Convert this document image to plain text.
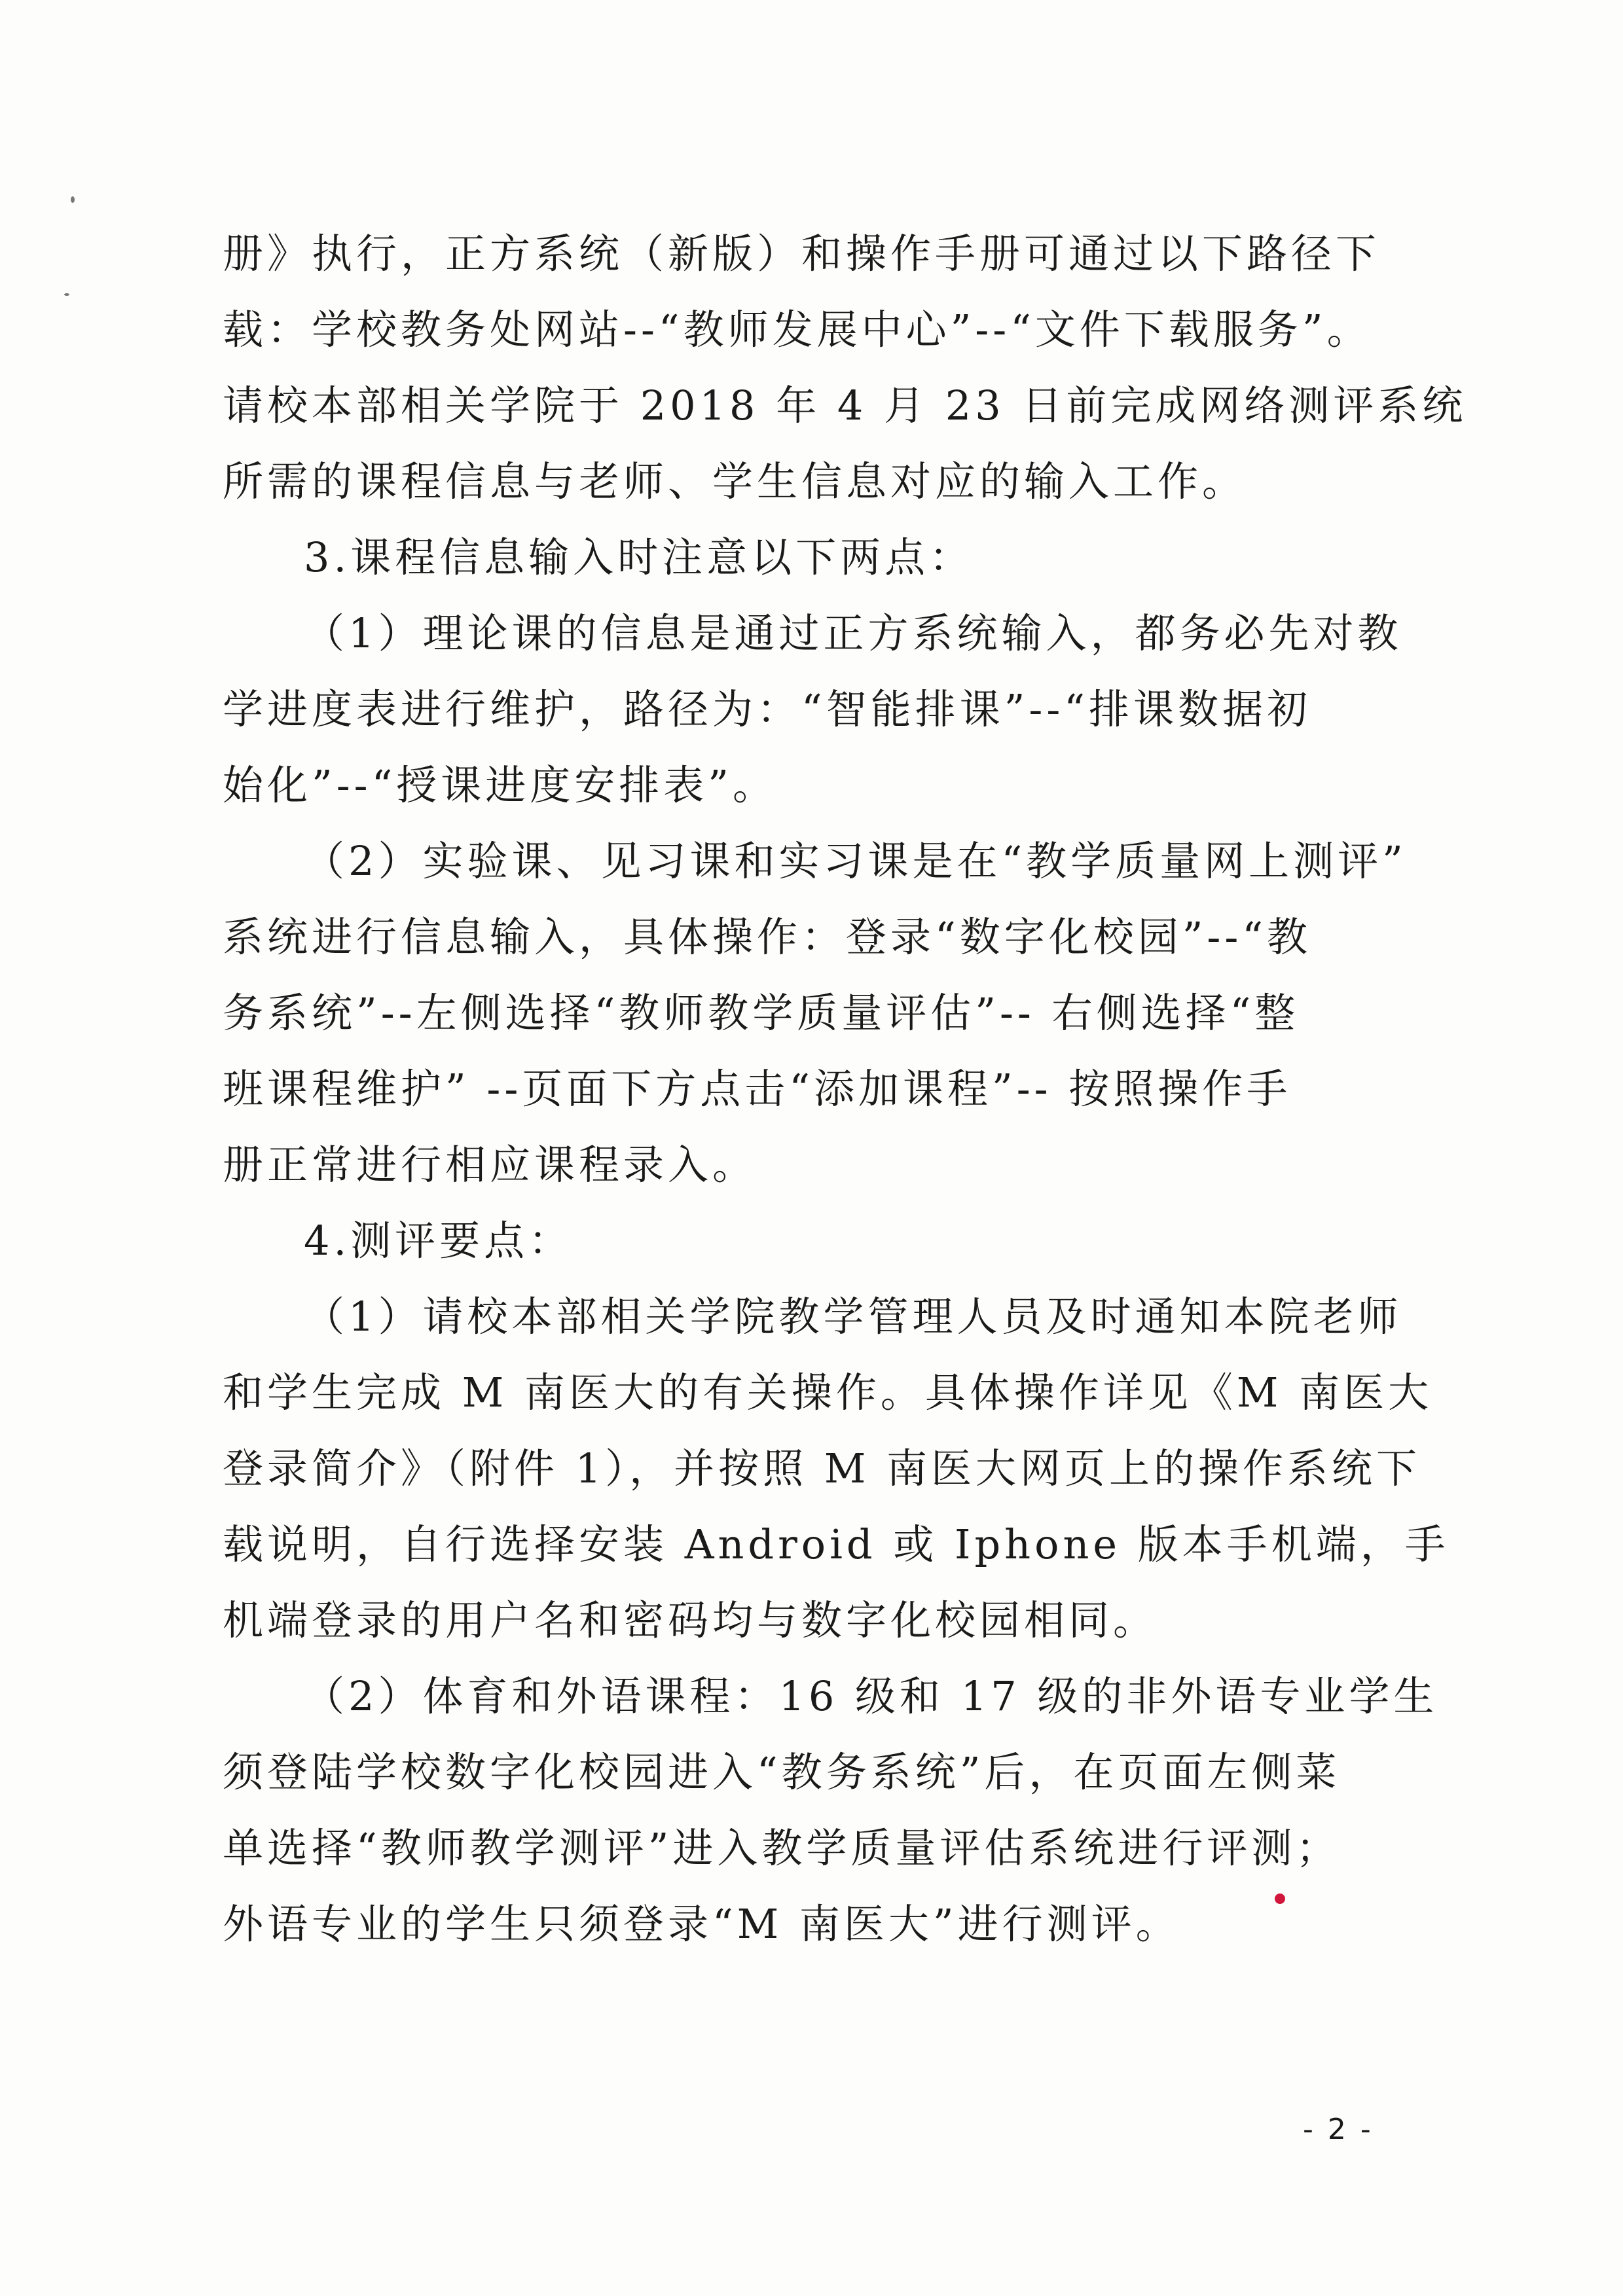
册》执行，正方系统（新版）和操作手册可通过以下路径下
载：学校教务处网站--“教师发展中心”--“文件下载服务”。
请校本部相关学院于 2018 年 4 月 23 日前完成网络测评系统
所需的课程信息与老师、学生信息对应的输入工作。
3.课程信息输入时注意以下两点：
（1）理论课的信息是通过正方系统输入，都务必先对教
学进度表进行维护，路径为：“智能排课”--“排课数据初
始化”--“授课进度安排表”。
（2）实验课、见习课和实习课是在“教学质量网上测评”
系统进行信息输入，具体操作：登录“数字化校园”--“教
务系统”--左侧选择“教师教学质量评估”-- 右侧选择“整
班课程维护” --页面下方点击“添加课程”-- 按照操作手
册正常进行相应课程录入。
4.测评要点：
（1）请校本部相关学院教学管理人员及时通知本院老师
和学生完成 M 南医大的有关操作。具体操作详见《M 南医大
登录简介》（附件 1），并按照 M 南医大网页上的操作系统下
载说明，自行选择安装 Android 或 Iphone 版本手机端，手
机端登录的用户名和密码均与数字化校园相同。
（2）体育和外语课程：16 级和 17 级的非外语专业学生
须登陆学校数字化校园进入“教务系统”后，在页面左侧菜
单选择“教师教学测评”进入教学质量评估系统进行评测；
外语专业的学生只须登录“M 南医大”进行测评。
- 2 -
